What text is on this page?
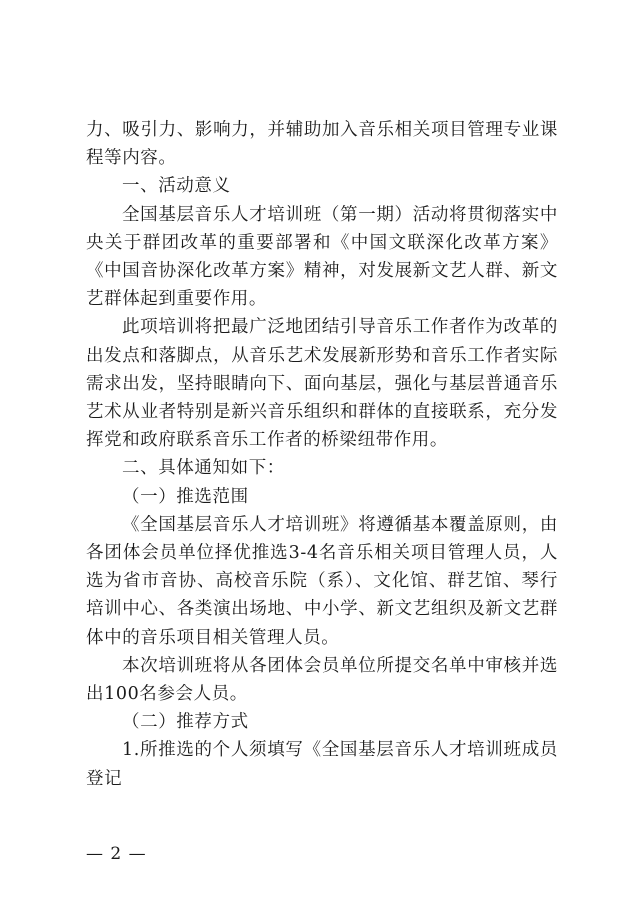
力、吸引力、影响力，并辅助加入音乐相关项目管理专业课程等内容。

一、活动意义

全国基层音乐人才培训班（第一期）活动将贯彻落实中央关于群团改革的重要部署和《中国文联深化改革方案》《中国音协深化改革方案》精神，对发展新文艺人群、新文艺群体起到重要作用。

此项培训将把最广泛地团结引导音乐工作者作为改革的出发点和落脚点，从音乐艺术发展新形势和音乐工作者实际需求出发，坚持眼睛向下、面向基层，强化与基层普通音乐艺术从业者特别是新兴音乐组织和群体的直接联系，充分发挥党和政府联系音乐工作者的桥梁纽带作用。

二、具体通知如下：

（一）推选范围

《全国基层音乐人才培训班》将遵循基本覆盖原则，由各团体会员单位择优推选3-4名音乐相关项目管理人员，人选为省市音协、高校音乐院（系）、文化馆、群艺馆、琴行培训中心、各类演出场地、中小学、新文艺组织及新文艺群体中的音乐项目相关管理人员。

本次培训班将从各团体会员单位所提交名单中审核并选出100名参会人员。

（二）推荐方式

1.所推选的个人须填写《全国基层音乐人才培训班成员登记

— 2 —
